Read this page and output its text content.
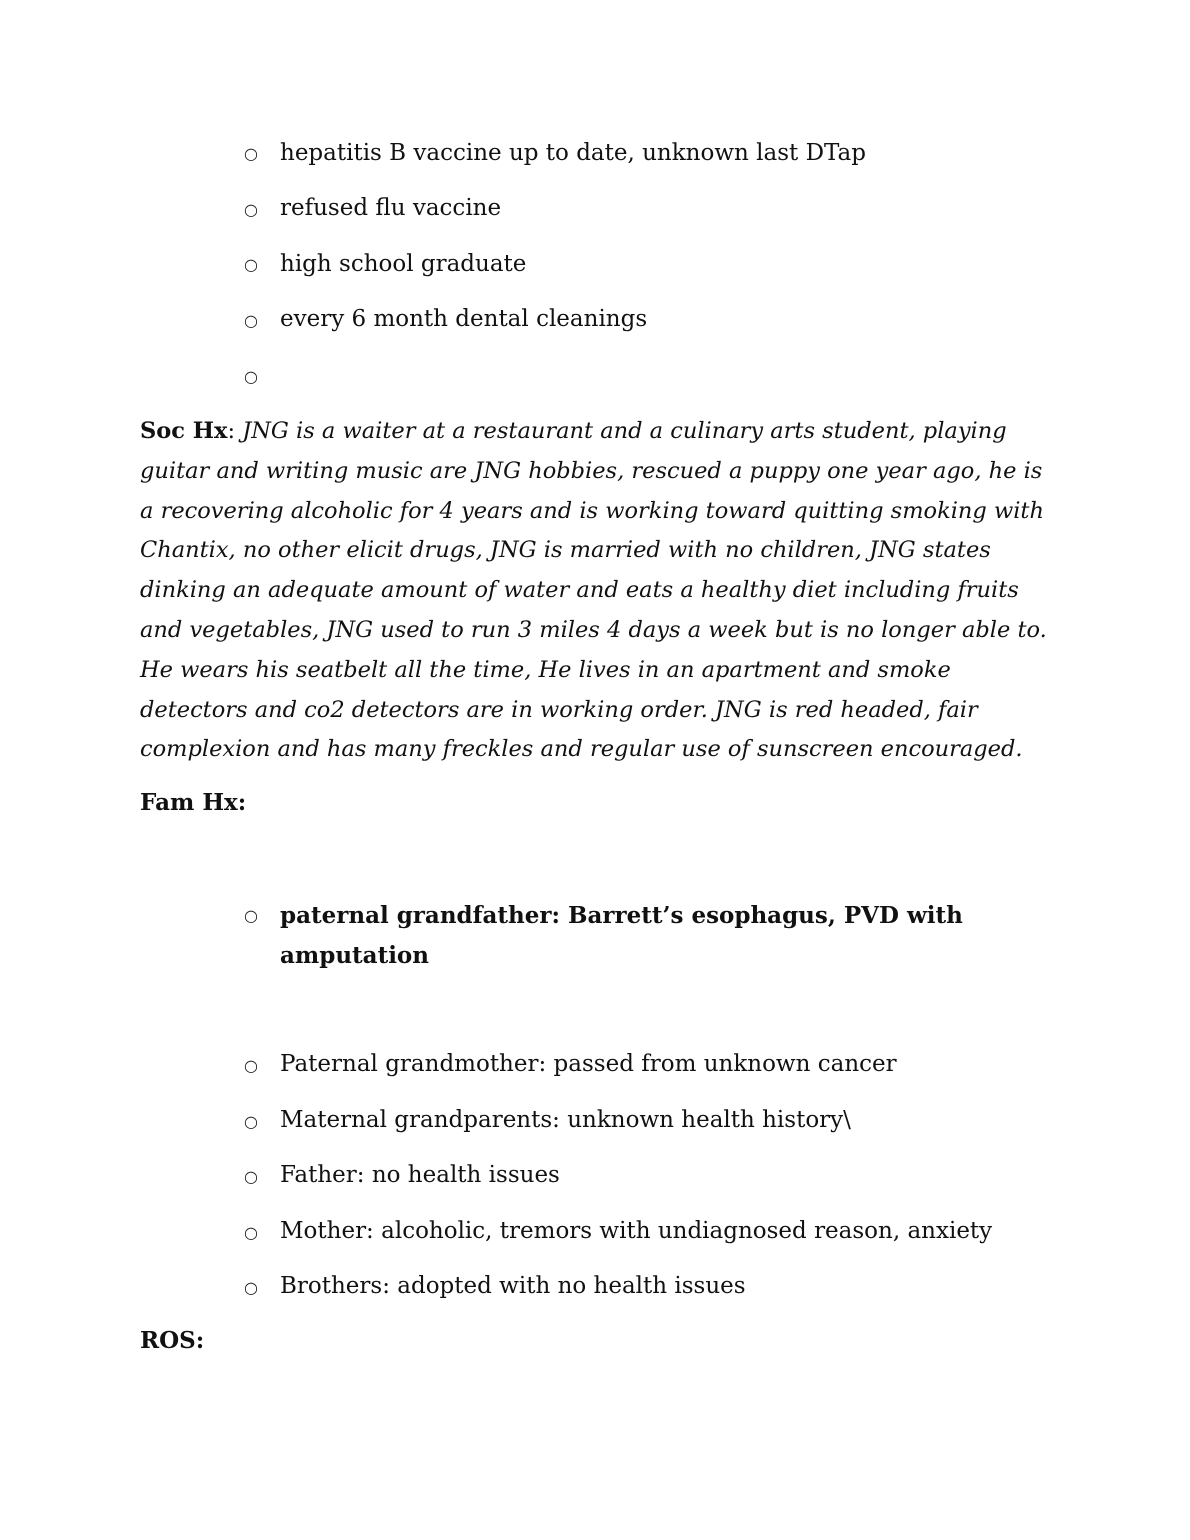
○ hepatitis B vaccine up to date, unknown last DTap
○ refused flu vaccine
○ high school graduate
○ every 6 month dental cleanings
○

Soc Hx: JNG is a waiter at a restaurant and a culinary arts student, playing guitar and writing music are JNG hobbies, rescued a puppy one year ago, he is a recovering alcoholic for 4 years and is working toward quitting smoking with Chantix, no other elicit drugs, JNG is married with no children, JNG states dinking an adequate amount of water and eats a healthy diet including fruits and vegetables, JNG used to run 3 miles 4 days a week but is no longer able to. He wears his seatbelt all the time, He lives in an apartment and smoke detectors and co2 detectors are in working order. JNG is red headed, fair complexion and has many freckles and regular use of sunscreen encouraged.

Fam Hx:
○ paternal grandfather: Barrett’s esophagus, PVD with amputation
○ Paternal grandmother: passed from unknown cancer
○ Maternal grandparents: unknown health history\
○ Father: no health issues
○ Mother: alcoholic, tremors with undiagnosed reason, anxiety
○ Brothers: adopted with no health issues
ROS:
